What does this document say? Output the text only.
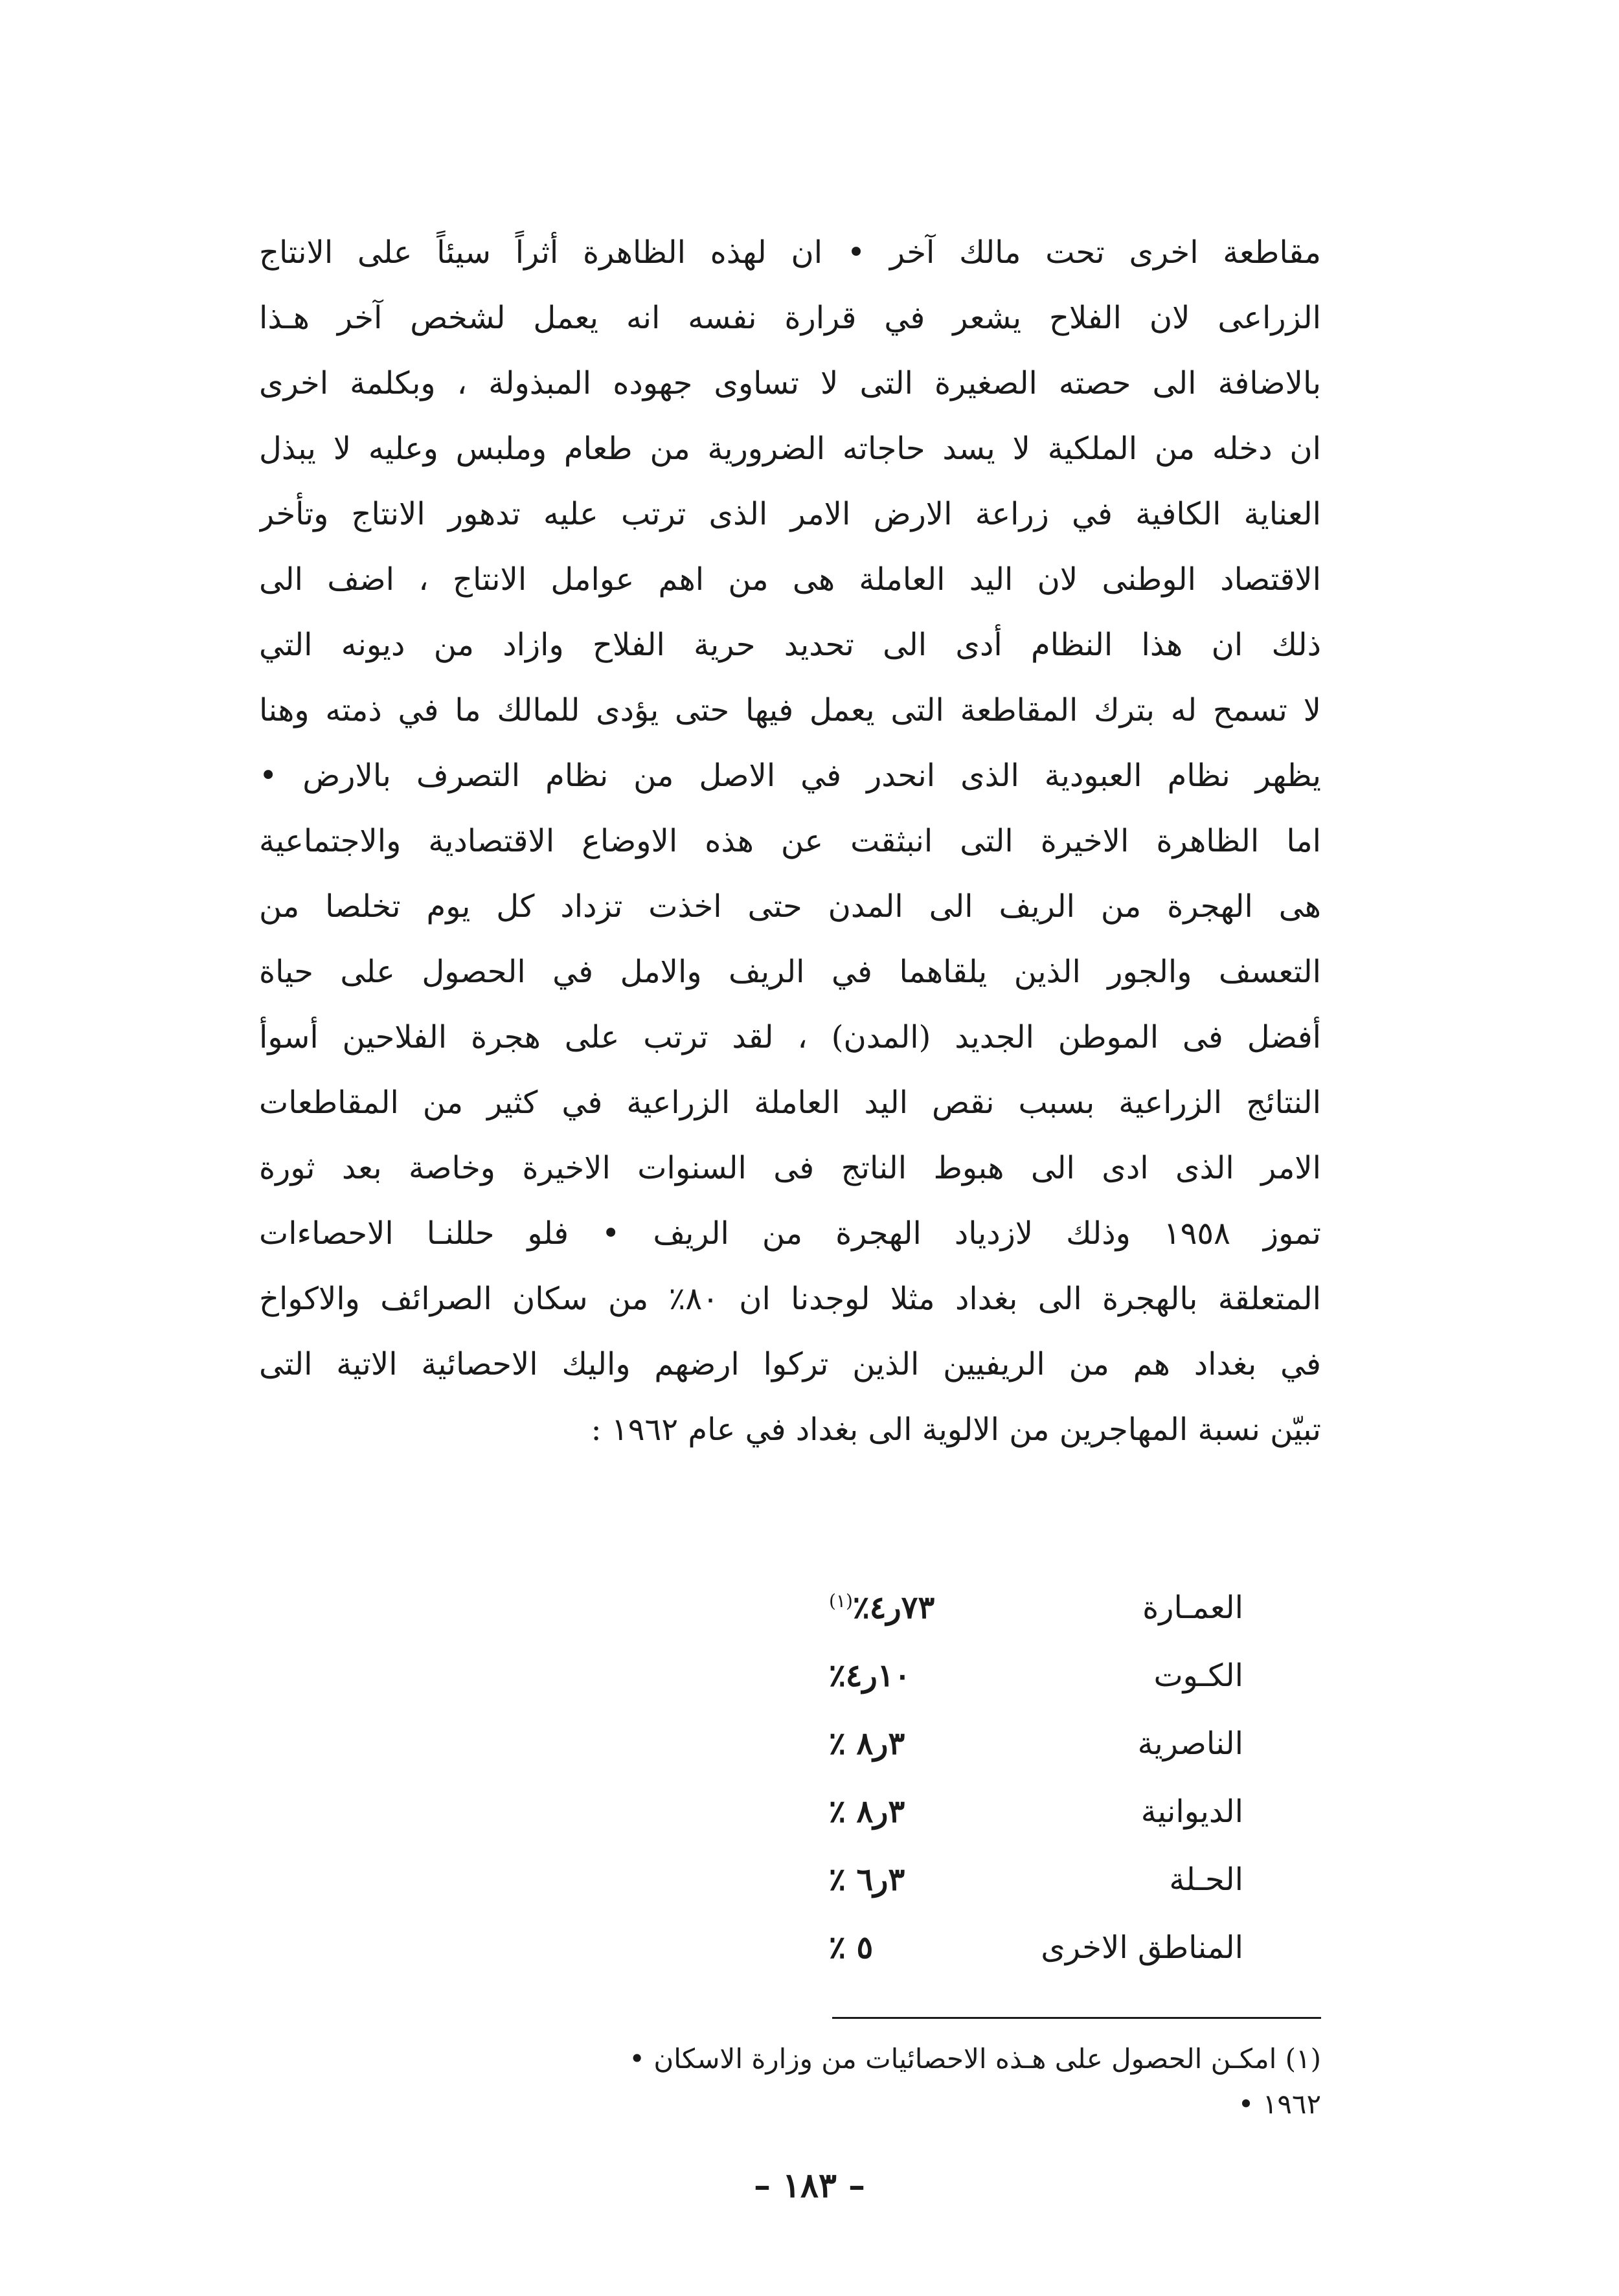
مقاطعة اخرى تحت مالك آخر • ان لهذه الظاهرة أثراً سيئاً على الانتاج
الزراعى لان الفلاح يشعر في قرارة نفسه انه يعمل لشخص آخر هـذا
بالاضافة الى حصته الصغيرة التى لا تساوى جهوده المبذولة ، وبكلمة اخرى
ان دخله من الملكية لا يسد حاجاته الضرورية من طعام وملبس وعليه لا يبذل
العناية الكافية في زراعة الارض الامر الذى ترتب عليه تدهور الانتاج وتأخر
الاقتصاد الوطنى لان اليد العاملة هى من اهم عوامل الانتاج ، اضف الى
ذلك ان هذا النظام أدى الى تحديد حرية الفلاح وازاد من ديونه التي
لا تسمح له بترك المقاطعة التى يعمل فيها حتى يؤدى للمالك ما في ذمته وهنا
يظهر نظام العبودية الذى انحدر في الاصل من نظام التصرف بالارض •
اما الظاهرة الاخيرة التى انبثقت عن هذه الاوضاع الاقتصادية والاجتماعية
هى الهجرة من الريف الى المدن حتى اخذت تزداد كل يوم تخلصا من
التعسف والجور الذين يلقاهما في الريف والامل في الحصول على حياة
أفضل فى الموطن الجديد (المدن) ، لقد ترتب على هجرة الفلاحين أسوأ
النتائج الزراعية بسبب نقص اليد العاملة الزراعية في كثير من المقاطعات
الامر الذى ادى الى هبوط الناتج فى السنوات الاخيرة وخاصة بعد ثورة
تموز ١٩٥٨ وذلك لازدياد الهجرة من الريف • فلو حللنـا الاحصاءات
المتعلقة بالهجرة الى بغداد مثلا لوجدنا ان ٨٠٪ من سكان الصرائف والاكواخ
في بغداد هم من الريفيين الذين تركوا ارضهم واليك الاحصائية الاتية التى
تبيّن نسبة المهاجرين من الالوية الى بغداد في عام ١٩٦٢ :
العمـارة
٧٣ر٤٪$^{(١)}$
الكـوت
١٠ر٤٪
الناصرية
٣ر٨ ٪
الديوانية
٣ر٨ ٪
الحـلة
٣ر٦ ٪
المناطق الاخرى
٥ ٪
(١) امكـن الحصول على هـذه الاحصائيات من وزارة الاسكان •
١٩٦٢ •
– ١٨٣ –
